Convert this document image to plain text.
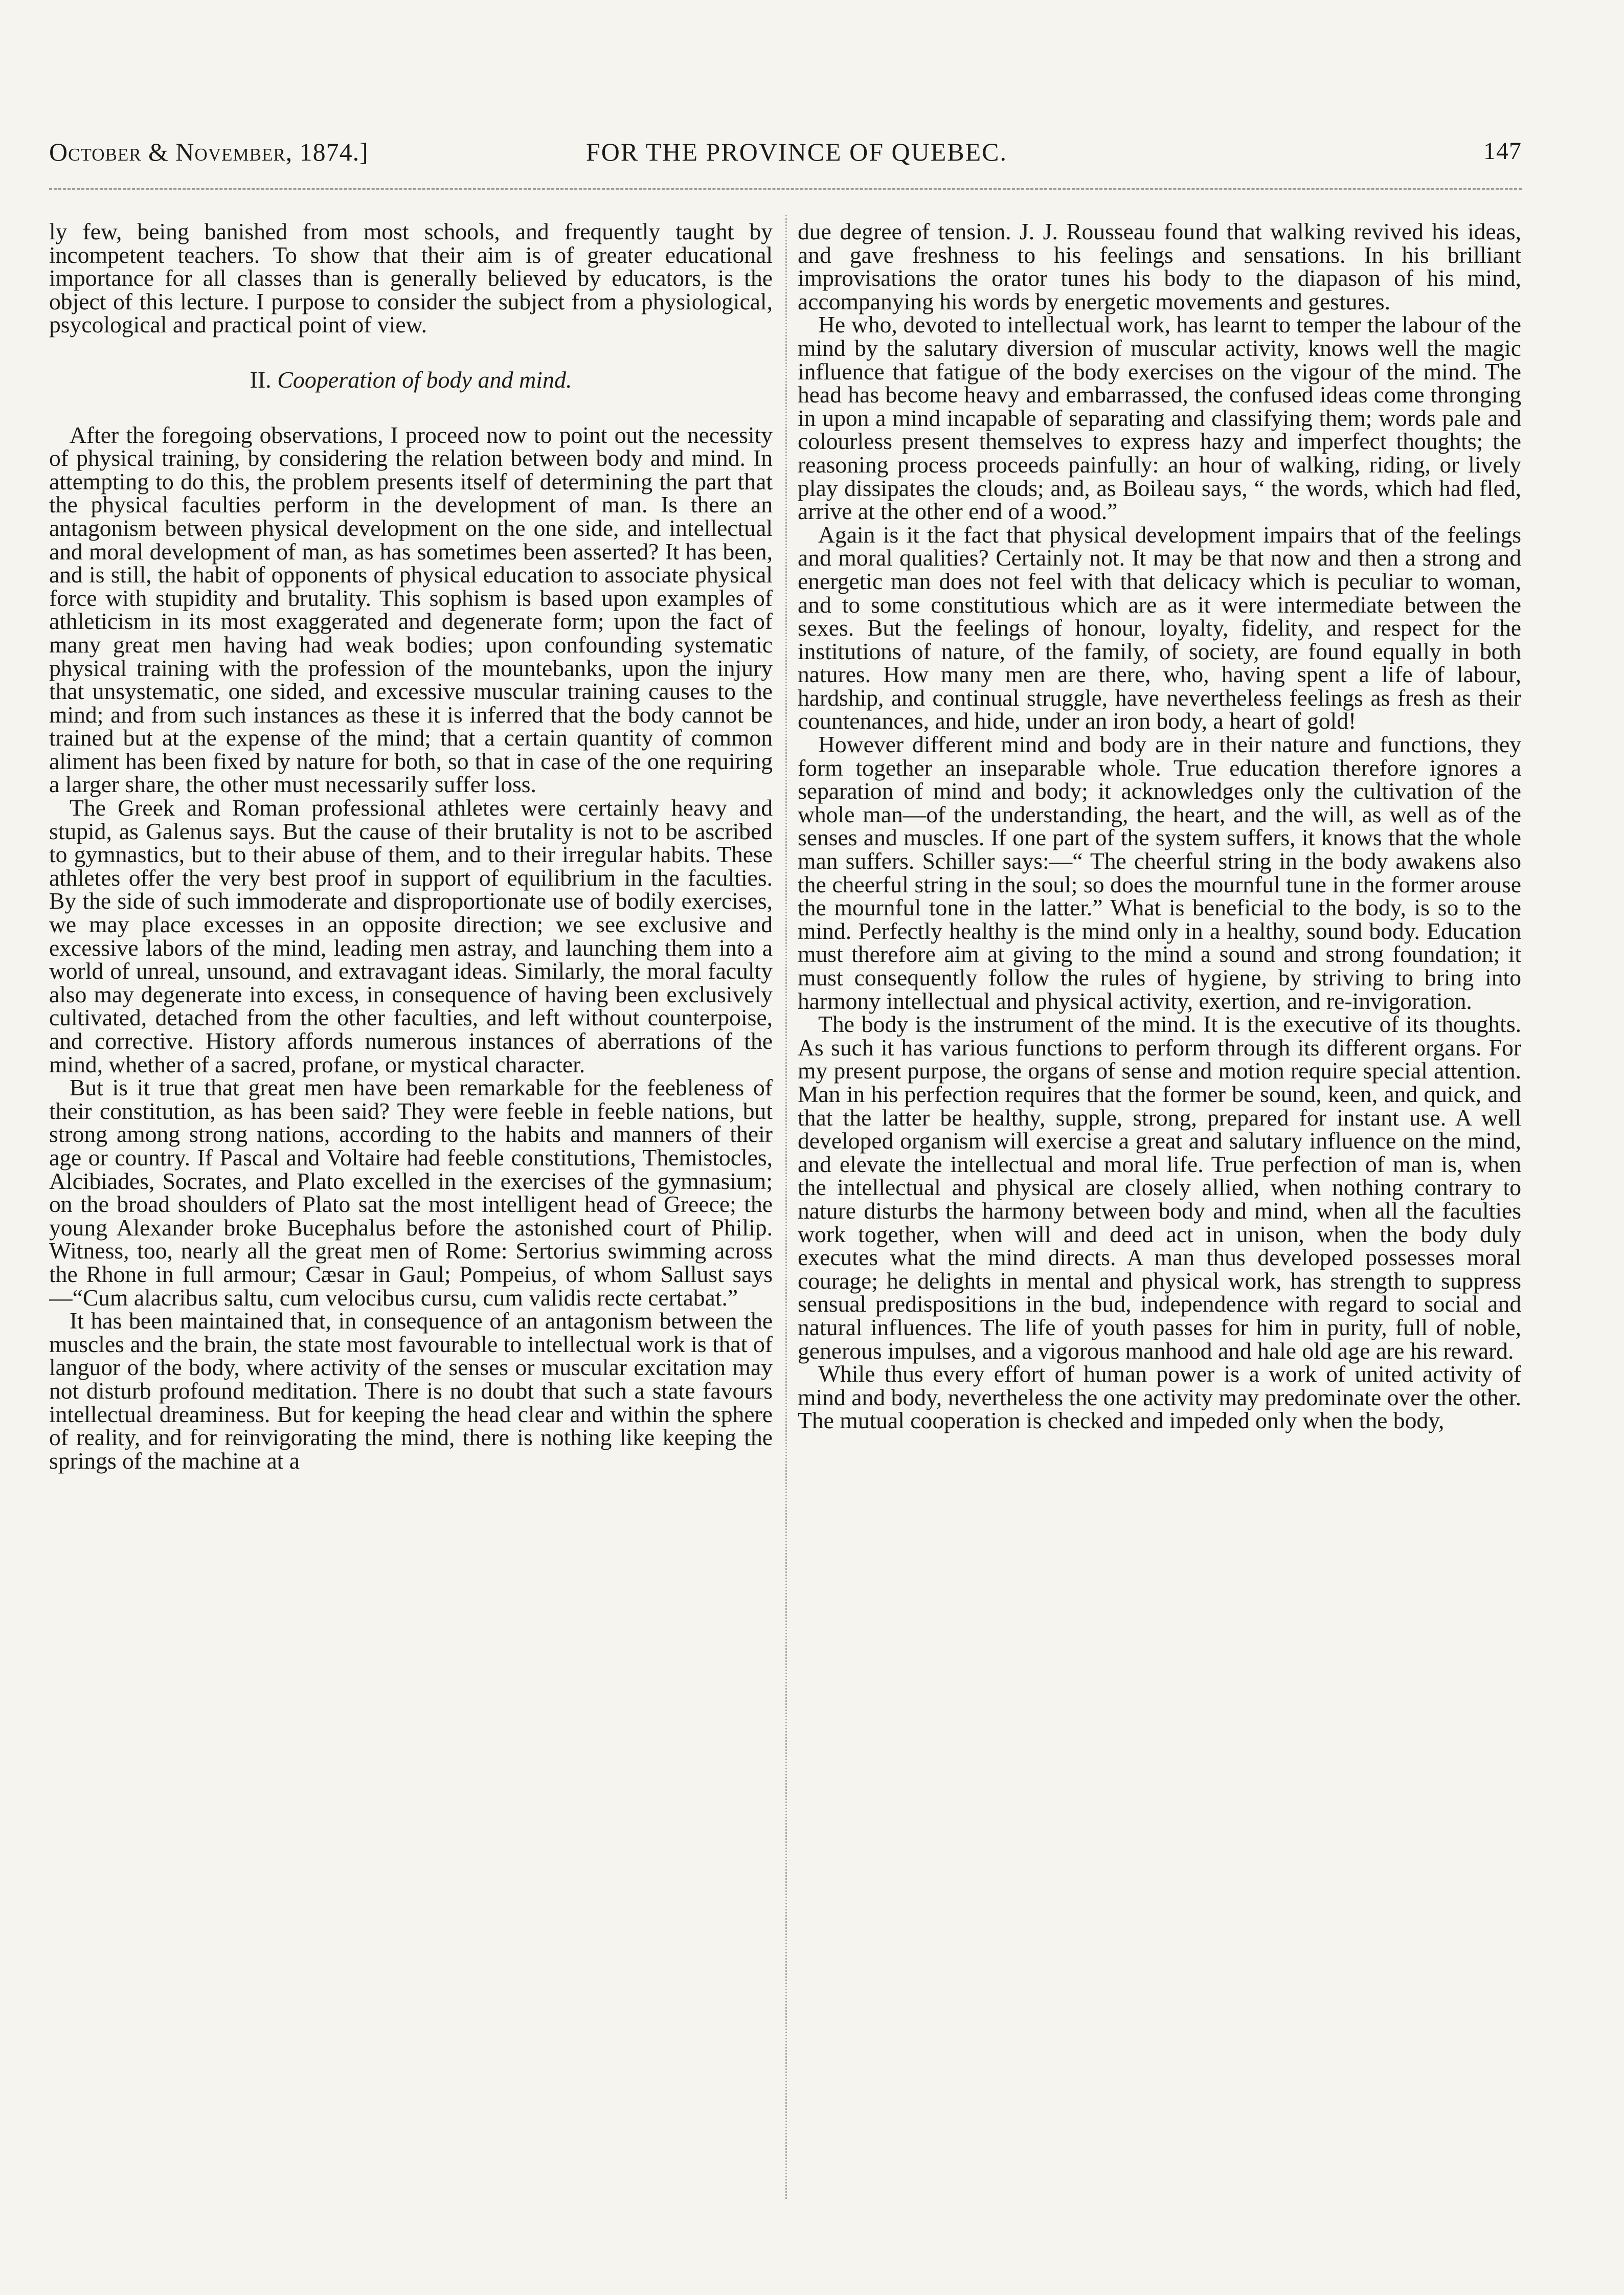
October & November, 1874.]	FOR THE PROVINCE OF QUEBEC.	147

ly few, being banished from most schools, and frequently taught by incompetent teachers. To show that their aim is of greater educational importance for all classes than is generally believed by educators, is the object of this lecture. I purpose to consider the subject from a physiological, psycological and practical point of view.

II. Cooperation of body and mind.

After the foregoing observations, I proceed now to point out the necessity of physical training, by considering the relation between body and mind. In attempting to do this, the problem presents itself of determining the part that the physical faculties perform in the development of man. Is there an antagonism between physical development on the one side, and intellectual and moral development of man, as has sometimes been asserted? It has been, and is still, the habit of opponents of physical education to associate physical force with stupidity and brutality. This sophism is based upon examples of athleticism in its most exaggerated and degenerate form; upon the fact of many great men having had weak bodies; upon confounding systematic physical training with the profession of the mountebanks, upon the injury that unsystematic, one sided, and excessive muscular training causes to the mind; and from such instances as these it is inferred that the body cannot be trained but at the expense of the mind; that a certain quantity of common aliment has been fixed by nature for both, so that in case of the one requiring a larger share, the other must necessarily suffer loss.

The Greek and Roman professional athletes were certainly heavy and stupid, as Galenus says. But the cause of their brutality is not to be ascribed to gymnastics, but to their abuse of them, and to their irregular habits. These athletes offer the very best proof in support of equilibrium in the faculties. By the side of such immoderate and disproportionate use of bodily exercises, we may place excesses in an opposite direction; we see exclusive and excessive labors of the mind, leading men astray, and launching them into a world of unreal, unsound, and extravagant ideas. Similarly, the moral faculty also may degenerate into excess, in consequence of having been exclusively cultivated, detached from the other faculties, and left without counterpoise, and corrective. History affords numerous instances of aberrations of the mind, whether of a sacred, profane, or mystical character.

But is it true that great men have been remarkable for the feebleness of their constitution, as has been said? They were feeble in feeble nations, but strong among strong nations, according to the habits and manners of their age or country. If Pascal and Voltaire had feeble constitutions, Themistocles, Alcibiades, Socrates, and Plato excelled in the exercises of the gymnasium; on the broad shoulders of Plato sat the most intelligent head of Greece; the young Alexander broke Bucephalus before the astonished court of Philip. Witness, too, nearly all the great men of Rome: Sertorius swimming across the Rhone in full armour; Cæsar in Gaul; Pompeius, of whom Sallust says—“Cum alacribus saltu, cum velocibus cursu, cum validis recte certabat.”

It has been maintained that, in consequence of an antagonism between the muscles and the brain, the state most favourable to intellectual work is that of languor of the body, where activity of the senses or muscular excitation may not disturb profound meditation. There is no doubt that such a state favours intellectual dreaminess. But for keeping the head clear and within the sphere of reality, and for reinvigorating the mind, there is nothing like keeping the springs of the machine at a

due degree of tension. J. J. Rousseau found that walking revived his ideas, and gave freshness to his feelings and sensations. In his brilliant improvisations the orator tunes his body to the diapason of his mind, accompanying his words by energetic movements and gestures.

He who, devoted to intellectual work, has learnt to temper the labour of the mind by the salutary diversion of muscular activity, knows well the magic influence that fatigue of the body exercises on the vigour of the mind. The head has become heavy and embarrassed, the confused ideas come thronging in upon a mind incapable of separating and classifying them; words pale and colourless present themselves to express hazy and imperfect thoughts; the reasoning process proceeds painfully: an hour of walking, riding, or lively play dissipates the clouds; and, as Boileau says, “ the words, which had fled, arrive at the other end of a wood.”

Again is it the fact that physical development impairs that of the feelings and moral qualities? Certainly not. It may be that now and then a strong and energetic man does not feel with that delicacy which is peculiar to woman, and to some constitutious which are as it were intermediate between the sexes. But the feelings of honour, loyalty, fidelity, and respect for the institutions of nature, of the family, of society, are found equally in both natures. How many men are there, who, having spent a life of labour, hardship, and continual struggle, have nevertheless feelings as fresh as their countenances, and hide, under an iron body, a heart of gold!

However different mind and body are in their nature and functions, they form together an inseparable whole. True education therefore ignores a separation of mind and body; it acknowledges only the cultivation of the whole man—of the understanding, the heart, and the will, as well as of the senses and muscles. If one part of the system suffers, it knows that the whole man suffers. Schiller says:—“ The cheerful string in the body awakens also the cheerful string in the soul; so does the mournful tune in the former arouse the mournful tone in the latter.” What is beneficial to the body, is so to the mind. Perfectly healthy is the mind only in a healthy, sound body. Education must therefore aim at giving to the mind a sound and strong foundation; it must consequently follow the rules of hygiene, by striving to bring into harmony intellectual and physical activity, exertion, and re-invigoration.

The body is the instrument of the mind. It is the executive of its thoughts. As such it has various functions to perform through its different organs. For my present purpose, the organs of sense and motion require special attention. Man in his perfection requires that the former be sound, keen, and quick, and that the latter be healthy, supple, strong, prepared for instant use. A well developed organism will exercise a great and salutary influence on the mind, and elevate the intellectual and moral life. True perfection of man is, when the intellectual and physical are closely allied, when nothing contrary to nature disturbs the harmony between body and mind, when all the faculties work together, when will and deed act in unison, when the body duly executes what the mind directs. A man thus developed possesses moral courage; he delights in mental and physical work, has strength to suppress sensual predispositions in the bud, independence with regard to social and natural influences. The life of youth passes for him in purity, full of noble, generous impulses, and a vigorous manhood and hale old age are his reward.

While thus every effort of human power is a work of united activity of mind and body, nevertheless the one activity may predominate over the other. The mutual cooperation is checked and impeded only when the body,
